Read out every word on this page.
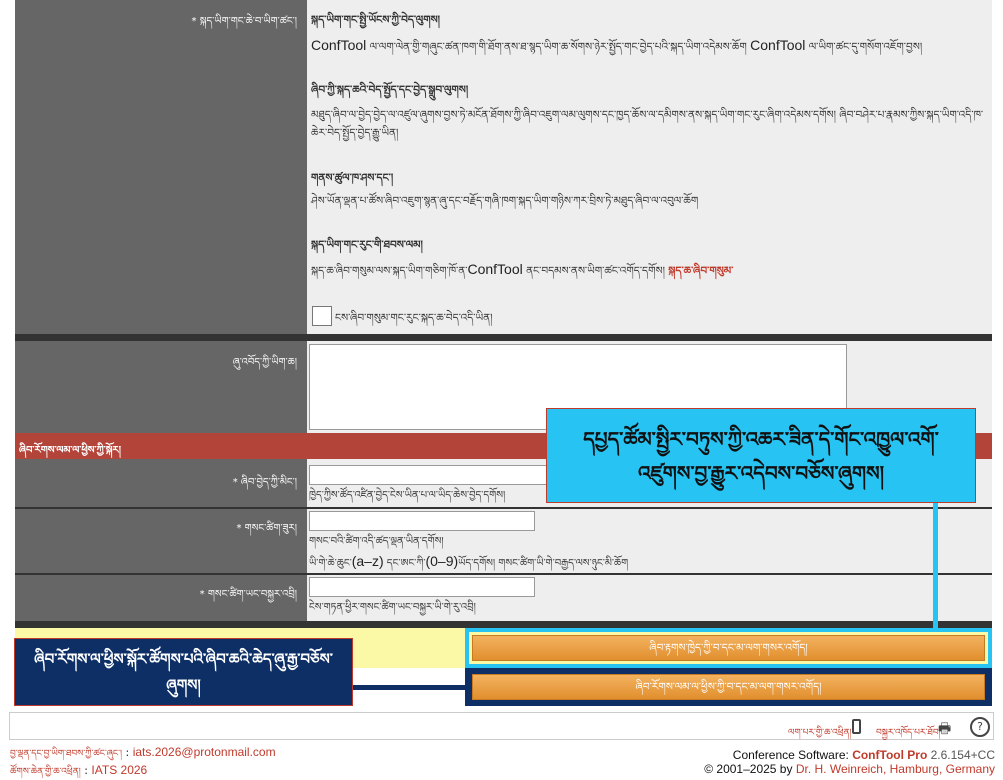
* སྐད་ཡིག་གང་ཆེ་བ་ཡིག་ཚང་། སྐད་ཡིག་གང་སྤྱི་ཡོངས་ཀྱི་བེད་ལུགས།
ConfTool ལ་ལག་ལེན་གྱི་གཞུང་ཚན་ཁག་གི་ཐོག་ནས་ཐ་སྙད་ཡིག་ཆ་སོགས་ཉེར་སྤྱོད་གང་བྱེད་པའི་སྐད་ཡིག་འདེམས་ཆོག ConfTool ལ་ཡིག་ཚང་དུ་གསོག་འཇོག་བྱས།
ཞིབ་ཀྱི་སྐད་ཆའི་བེད་སྤྱོད་དང་བྱེད་སྒྲུབ་ལུགས།
མཐུད་ཞིབ་ལ་བྱེད་བྱེད་ལ་འཛུལ་ཞུགས་བྱས་ཏེ་མངོན་ཐོགས་ཀྱི་ཞིབ་འཇུག་ལམ་ལུགས་དང་ཁྱད་ཆོས་ལ་དམིགས་ནས་སྐད་ཡིག་གང་རུང་ཞིག་འདེམས་དགོས། ཞིབ་བཤེར་པ་རྣམས་ཀྱིས་སྐད་ཡིག་འདི་ཁ་ཆེར་བེད་སྤྱོད་བྱེད་རྒྱུ་ཡིན།
གནས་ཚུལ་ཁ་ཤས་དང་།
ཤེས་ཡོན་ལྡན་པ་ཚོས་ཞིབ་འཇུག་སྙན་ཞུ་དང་བརྗོད་གཞི་ཁག་སྐད་ཡིག་གཉིས་ཀར་བྲིས་ཏེ་མཐུད་ཞིབ་ལ་འབུལ་ཆོག
སྐད་ཡིག་གང་རུང་གི་ཐབས་ལམ།
སྐད་ཆ་ཞིབ་གསུམ་ལས་སྐད་ཡིག་གཅིག་ཁོ་ན་ConfTool ནང་བདམས་ནས་ཡིག་ཚང་འགོད་དགོས། སྐད་ཆ་ཞིབ་གསུམ་
ངས་ཞིབ་གསུམ་གང་རུང་སྐད་ཆ་བེད་འདི་ཡིན།
ཞུ་འབོད་ཀྱི་ཡིག་ཆ།
ཞིབ་རོགས་ལམ་ལ་ཕྱིས་ཀྱི་སྐོར།
* ཞིབ་བྱེད་ཀྱི་མིང་།
ཁྱེད་ཀྱིས་ཚོད་འཛིན་བྱེད་ངེས་ཡིན་པ་ལ་ཡིད་ཆེས་བྱེད་དགོས།
* གསང་ཚིག་ཟུར།
གསང་བའི་ཚིག་འདི་ཚད་ལྡན་ཡིན་དགོས།
ཡི་གེ་ཆེ་ཆུང་(a–z) དང་ཨང་ཀི་(0–9)ཡོད་དགོས། གསང་ཚིག་ཡི་གེ་བརྒྱད་ལས་ཉུང་མི་ཆོག
* གསང་ཚིག་ཡང་བསྐྱར་འབྲི།
ངེས་གཏན་ཕྱིར་གསང་ཚིག་ཡང་བསྐྱར་ཡི་གེ་རུ་འབྲི།
ཞིབ་རྟགས་ཁྱེད་ཀྱི་བ་དང་མ་ལག་གསར་འགོད།
ཞིབ་རོགས་ལམ་ལ་ཕྱིས་ཀྱི་བ་དང་མ་ལག་གསར་འགོད།
དཔྱད་ཚོམ་སྤྱིར་བཏུས་ཀྱི་འཆར་ཟིན་དེ་གོང་འཁྱུལ་འགོ་འཛུགས་བྱ་རྒྱུར་འདེབས་བཅོས་ཞུགས།
ཞིབ་རོགས་ལ་ཕྱིས་སྐོར་ཚོགས་པའི་ཞིབ་ཆའི་ཆེད་ཞུ་རྒྱ་བཅོས་ཞུགས།
ལག་པར་གྱི་ཆ་འཕྲིན།	བསྐྱར་འཁོད་པར་ཐོབ།
🖶	?
བྱ་ལྡན་དང་བྱ་ཡིག་ཐབས་ཀྱི་ཚང་ཞུང་། : iats.2026@protonmail.com
ཚོགས་ཆེན་གྱི་ཆ་འཕྲིན། : IATS 2026
Conference Software: ConfTool Pro 2.6.154+CC
© 2001–2025 by Dr. H. Weinreich, Hamburg, Germany
